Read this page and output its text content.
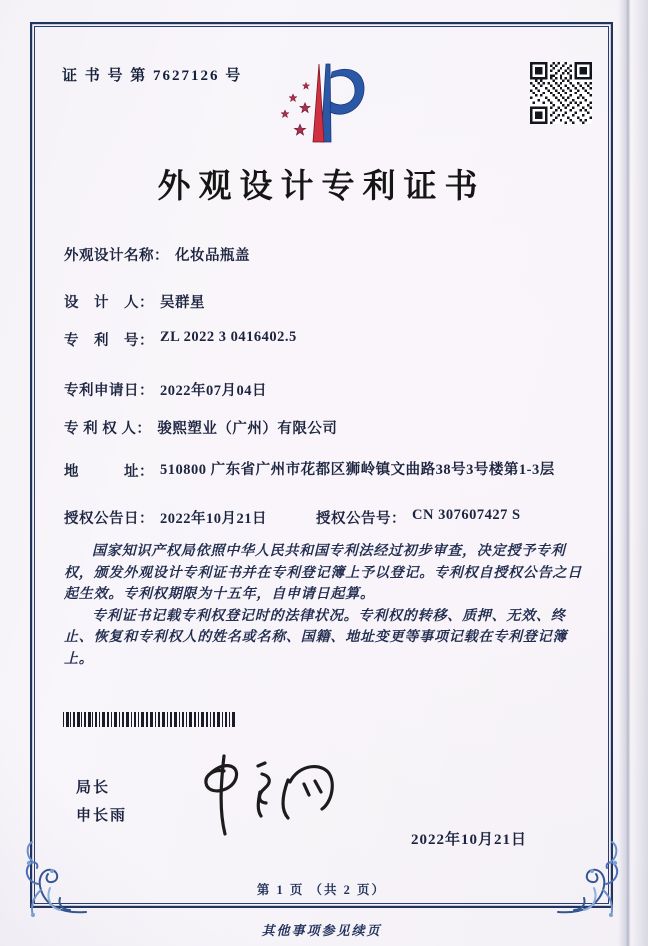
证 书 号 第 7627126 号
外观设计专利证书
外观设计名称： 化妆品瓶盖
设　计　人： 吴群星
专　利　号： ZL 2022 3 0416402.5
专利申请日： 2022年07月04日
专 利 权 人： 骏熙塑业（广州）有限公司
地　　　址： 510800 广东省广州市花都区狮岭镇文曲路38号3号楼第1-3层
授权公告日： 2022年10月21日	授权公告号： CN 307607427 S

国家知识产权局依照中华人民共和国专利法经过初步审查，决定授予专利权，颁发外观设计专利证书并在专利登记簿上予以登记。专利权自授权公告之日起生效。专利权期限为十五年，自申请日起算。

专利证书记载专利权登记时的法律状况。专利权的转移、质押、无效、终止、恢复和专利权人的姓名或名称、国籍、地址变更等事项记载在专利登记簿上。

局长
申长雨
2022年10月21日
第 1 页 （共 2 页）
其他事项参见续页
